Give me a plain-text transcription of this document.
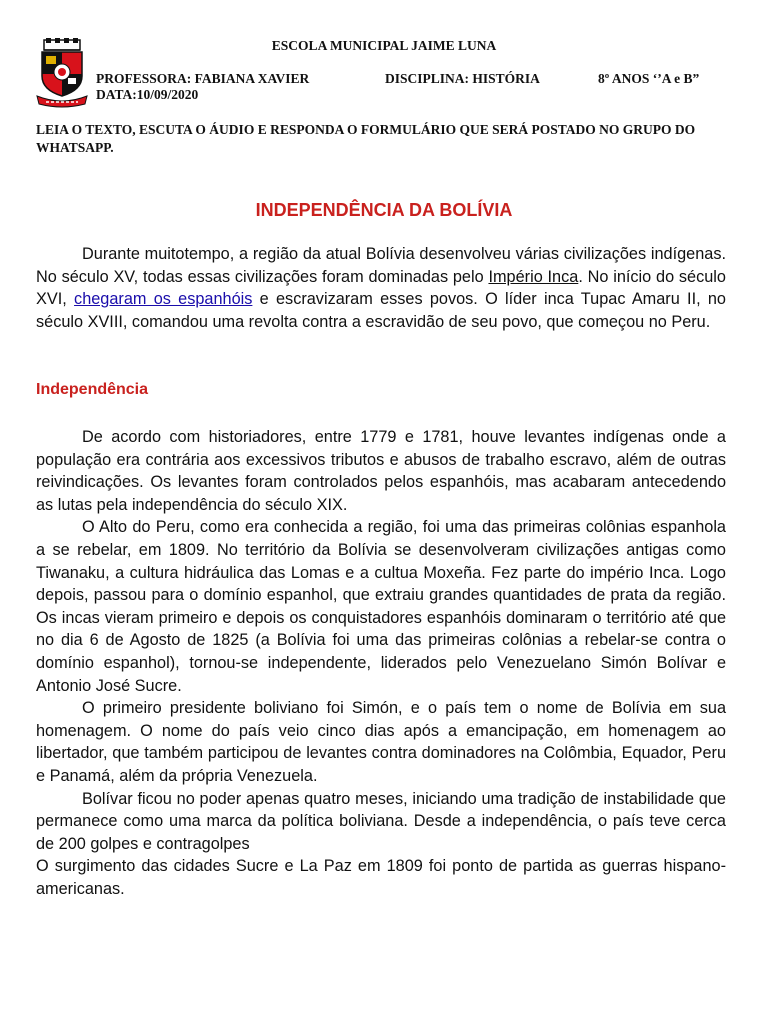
ESCOLA MUNICIPAL JAIME LUNA
PROFESSORA: FABIANA XAVIER	DISCIPLINA: HISTÓRIA	8º ANOS ‘’A e B”
DATA:10/09/2020
LEIA O TEXTO, ESCUTA O ÁUDIO E RESPONDA O FORMULÁRIO QUE SERÁ POSTADO NO GRUPO DO WHATSAPP.
INDEPENDÊNCIA DA BOLÍVIA

Durante muitotempo, a região da atual Bolívia desenvolveu várias civilizações indígenas. No século XV, todas essas civilizações foram dominadas pelo Império Inca. No início do século XVI, chegaram os espanhóis e escravizaram esses povos. O líder inca Tupac Amaru II, no século XVIII, comandou uma revolta contra a escravidão de seu povo, que começou no Peru.

Independência

De acordo com historiadores, entre 1779 e 1781, houve levantes indígenas onde a população era contrária aos excessivos tributos e abusos de trabalho escravo, além de outras reivindicações. Os levantes foram controlados pelos espanhóis, mas acabaram antecedendo as lutas pela independência do século XIX.

O Alto do Peru, como era conhecida a região, foi uma das primeiras colônias espanhola a se rebelar, em 1809. No território da Bolívia se desenvolveram civilizações antigas como Tiwanaku, a cultura hidráulica das Lomas e a cultua Moxeña. Fez parte do império Inca. Logo depois, passou para o domínio espanhol, que extraiu grandes quantidades de prata da região. Os incas vieram primeiro e depois os conquistadores espanhóis dominaram o território até que no dia 6 de Agosto de 1825 (a Bolívia foi uma das primeiras colônias a rebelar-se contra o domínio espanhol), tornou-se independente, liderados pelo Venezuelano Simón Bolívar e Antonio José Sucre.

O primeiro presidente boliviano foi Simón, e o país tem o nome de Bolívia em sua homenagem. O nome do país veio cinco dias após a emancipação, em homenagem ao libertador, que também participou de levantes contra dominadores na Colômbia, Equador, Peru e Panamá, além da própria Venezuela.

Bolívar ficou no poder apenas quatro meses, iniciando uma tradição de instabilidade que permanece como uma marca da política boliviana. Desde a independência, o país teve cerca de 200 golpes e contragolpes

O surgimento das cidades Sucre e La Paz em 1809 foi ponto de partida as guerras hispano-americanas.
